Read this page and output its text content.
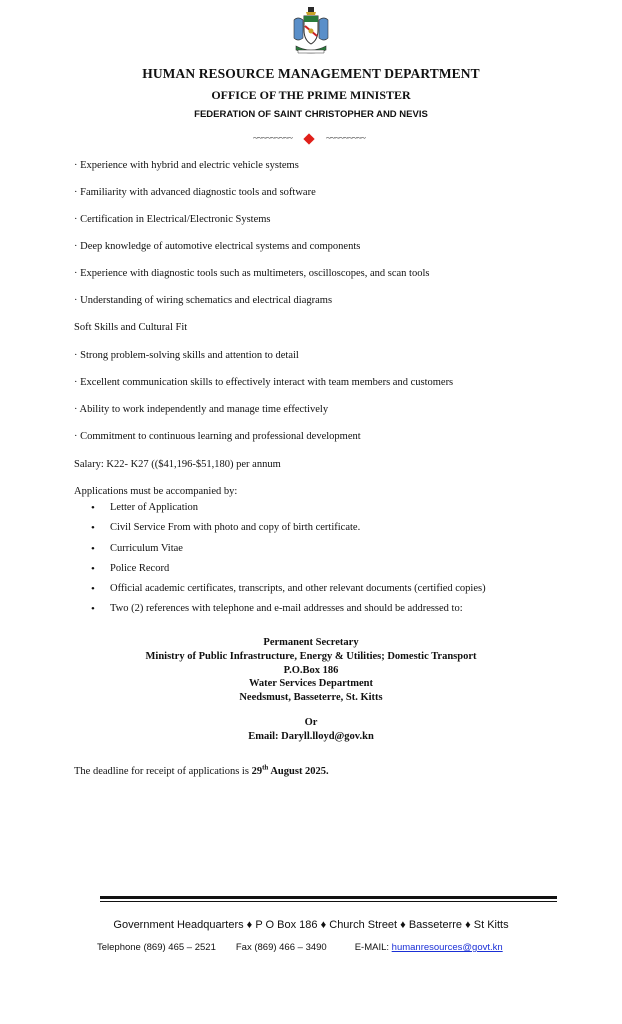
HUMAN RESOURCE MANAGEMENT DEPARTMENT
OFFICE OF THE PRIME MINISTER
FEDERATION OF SAINT CHRISTOPHER AND NEVIS
~~~~~~~~~	~~~~~~~~~
· Experience with hybrid and electric vehicle systems
· Familiarity with advanced diagnostic tools and software
· Certification in Electrical/Electronic Systems
· Deep knowledge of automotive electrical systems and components
· Experience with diagnostic tools such as multimeters, oscilloscopes, and scan tools
· Understanding of wiring schematics and electrical diagrams
Soft Skills and Cultural Fit
· Strong problem-solving skills and attention to detail
· Excellent communication skills to effectively interact with team members and customers
· Ability to work independently and manage time effectively
· Commitment to continuous learning and professional development
Salary: K22- K27 (($41,196-$51,180) per annum
Applications must be accompanied by:
• Letter of Application
• Civil Service From with photo and copy of birth certificate.
• Curriculum Vitae
• Police Record
• Official academic certificates, transcripts, and other relevant documents (certified copies)
• Two (2) references with telephone and e-mail addresses and should be addressed to:
Permanent Secretary
Ministry of Public Infrastructure, Energy & Utilities; Domestic Transport
P.O.Box 186
Water Services Department
Needsmust, Basseterre, St. Kitts
Or
Email: Daryll.lloyd@gov.kn
The deadline for receipt of applications is 29th August 2025.
Government Headquarters ♦ P O Box 186 ♦ Church Street ♦ Basseterre ♦ St Kitts
Telephone (869) 465 – 2521 Fax (869) 466 – 3490	E-MAIL: humanresources@govt.kn
